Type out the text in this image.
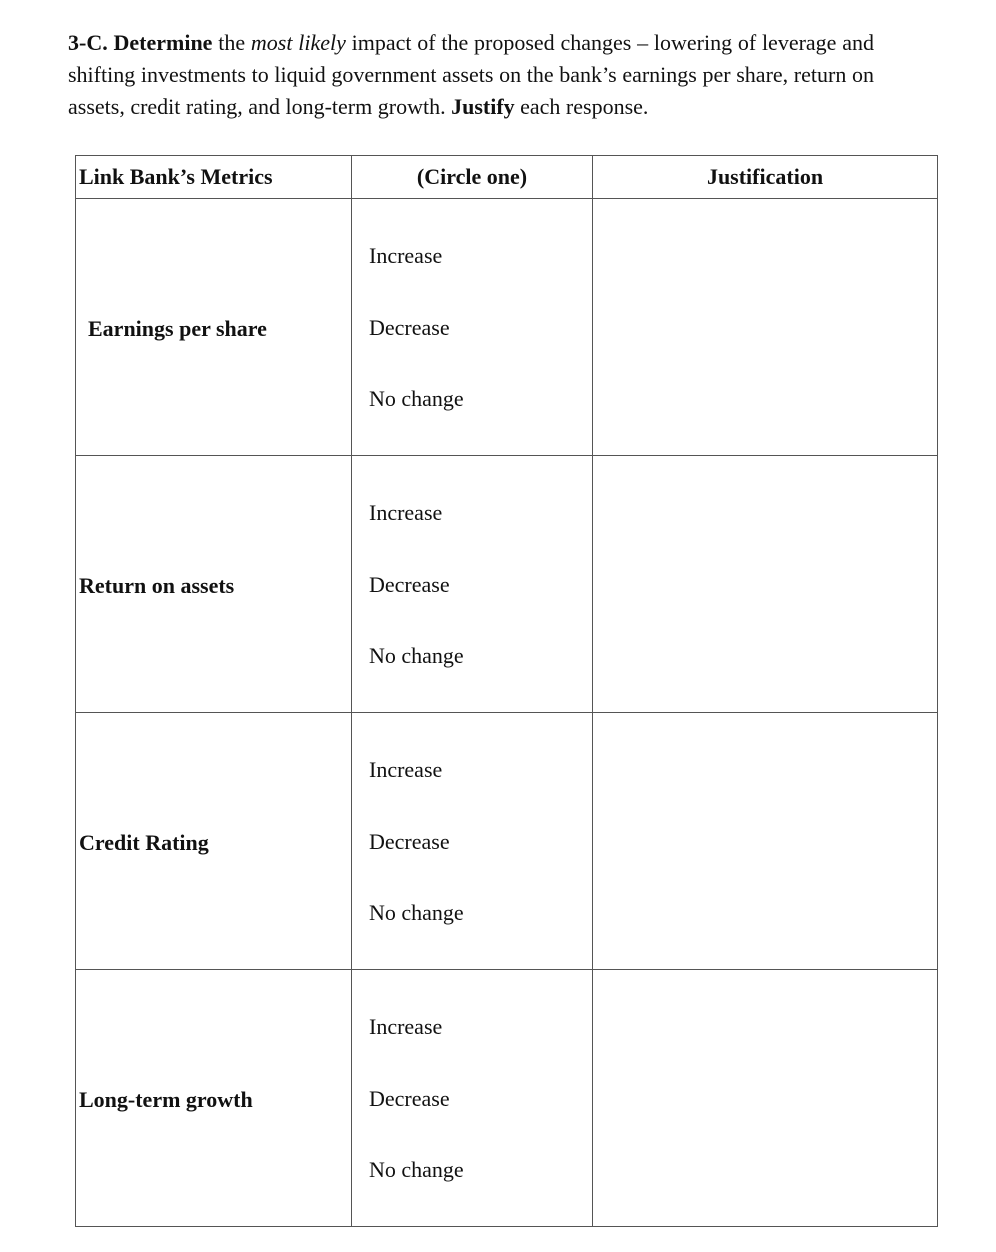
3-C. Determine the most likely impact of the proposed changes – lowering of leverage and shifting investments to liquid government assets on the bank’s earnings per share, return on assets, credit rating, and long-term growth. Justify each response.
Link Bank’s Metrics	(Circle one)	Justification

Earnings per share	Increase
Decrease
No change	

Return on assets	Increase
Decrease
No change	

Credit Rating	Increase
Decrease
No change	

Long-term growth	Increase
Decrease
No change	
